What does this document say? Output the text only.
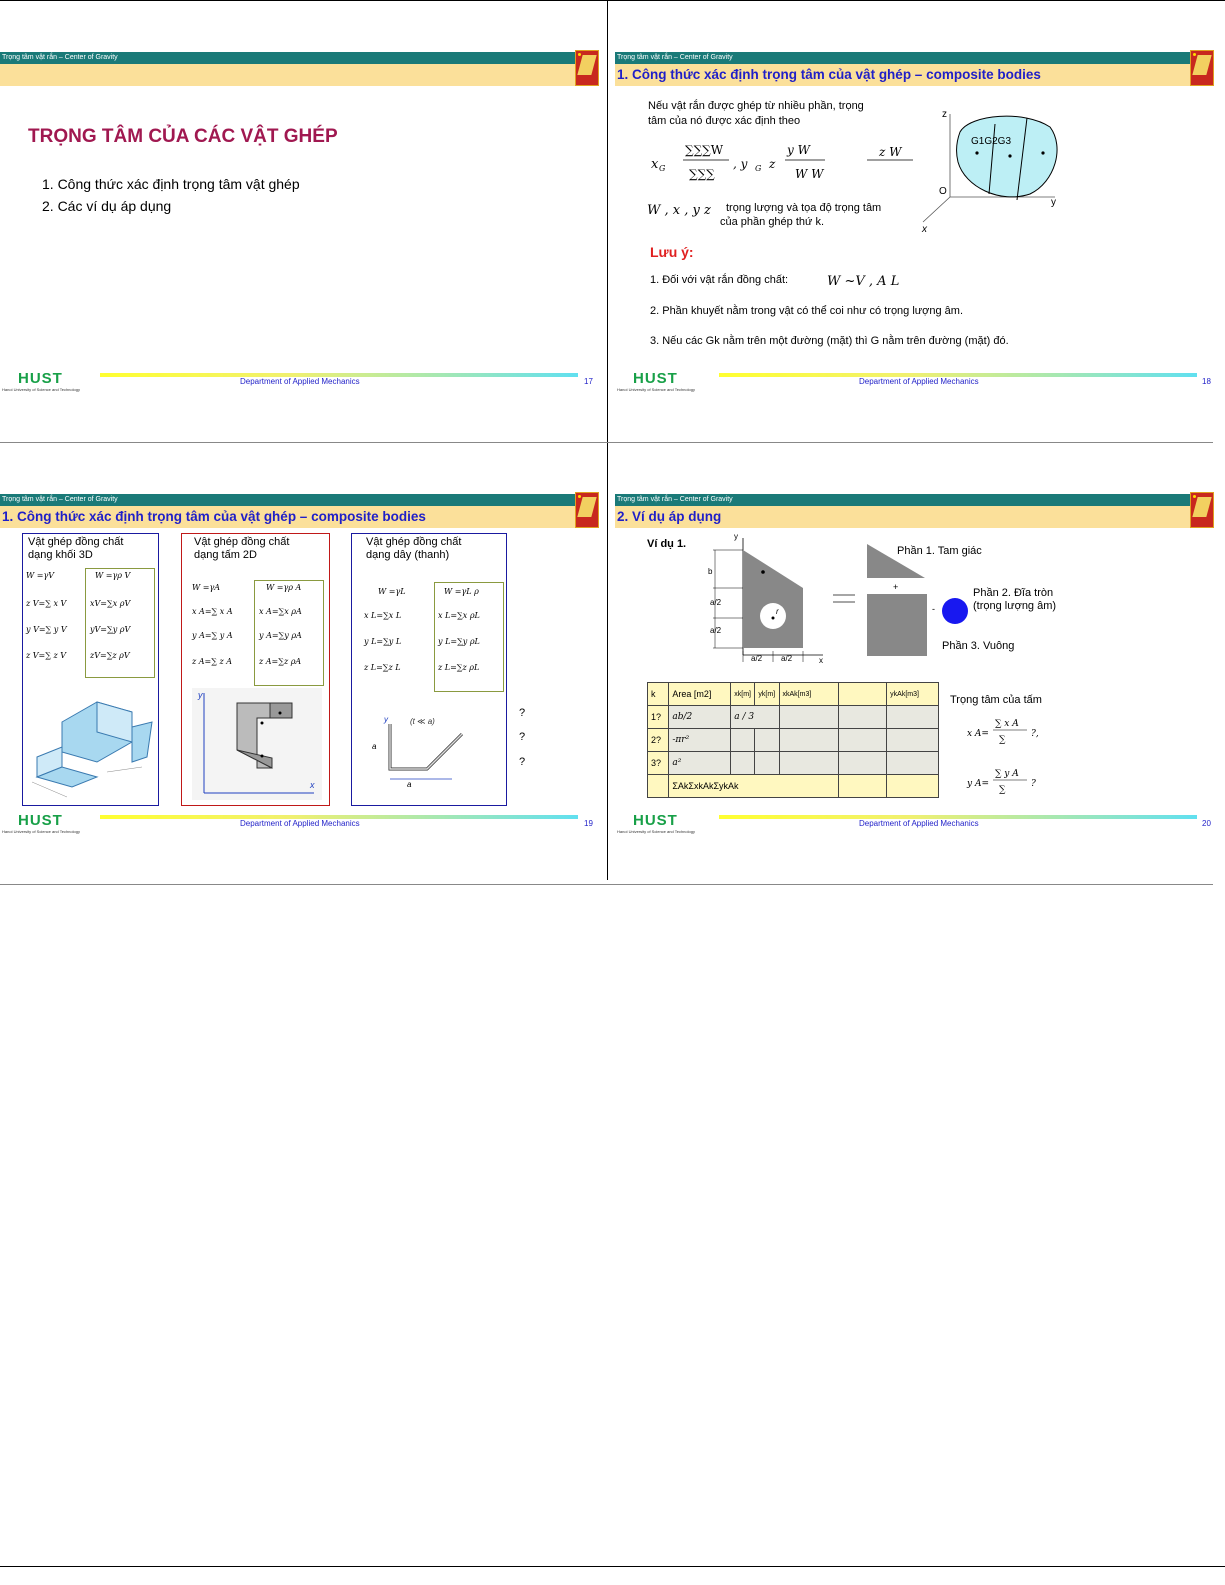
Trọng tâm vật rắn – Center of Gravity
TRỌNG TÂM CỦA CÁC VẬT GHÉP
1. Công thức xác định trọng tâm vật ghép
2. Các ví dụ áp dụng
HUST
Hanoi University of Science and Technology
Department of Applied Mechanics	17
Trọng tâm vật rắn – Center of Gravity
1. Công thức xác định trọng tâm của vật ghép – composite bodies
Nếu vật rắn được ghép từ nhiều phần, trọng
tâm của nó được xác định theo
x G
∑∑∑W
∑∑∑
, y G z
y W
W W
z W
W , x , y z trọng lượng và tọa độ trọng tâm
của phần ghép thứ k.
G1G2G3
z
y
x
O
Lưu ý:
1. Đối với vật rắn đồng chất:	W ~V , A L
2. Phần khuyết nằm trong vật có thể coi như có trọng lượng âm.
3. Nếu các Gk nằm trên một đường (mặt) thì G nằm trên đường (mặt) đó.
HUST
Hanoi University of Science and Technology
Department of Applied Mechanics	18
Trọng tâm vật rắn – Center of Gravity
1. Công thức xác định trọng tâm của vật ghép – composite bodies
Vật ghép đồng chất
dạng khối 3D
W =γV
z V=∑ x V
y V=∑ y V
z V=∑ z V
W =γρ V
xV=∑x ρV
yV=∑y ρV
zV=∑z ρV
Vật ghép đồng chất
dạng tấm 2D
W =γA
x A=∑ x A
y A=∑ y A
z A=∑ z A
W =γρ A
x A=∑x ρA
y A=∑y ρA
z A=∑z ρA
y
x
Vật ghép đồng chất
dạng dây (thanh)
W =γL
x L=∑x L
y L=∑y L
z L=∑z L
W =γL ρ
x L=∑x ρL
y L=∑y ρL
z L=∑z ρL
y	(t ≪ a)
a
a
?
?
?
HUST
Hanoi University of Science and Technology
Department of Applied Mechanics	19
Trọng tâm vật rắn – Center of Gravity
2. Ví dụ áp dụng
Ví dụ 1.
b
a/2
a/2
a/2 a/2
y
x
r
+
-
Phần 1. Tam giác
Phần 2. Đĩa tròn
(trọng lượng âm)
Phần 3. Vuông
k	Area [m2]	xk[m]	yk[m]	xkAk[m3]		ykAk[m3]
1?	ab/2	a / 3				
2?	-πr²					
3?	a²					
	ΣAkΣxkAkΣykAk					
Trọng tâm của tấm
x A=
∑ x A
∑
?,
y A=
∑ y A
∑
?
HUST
Hanoi University of Science and Technology
Department of Applied Mechanics	20
